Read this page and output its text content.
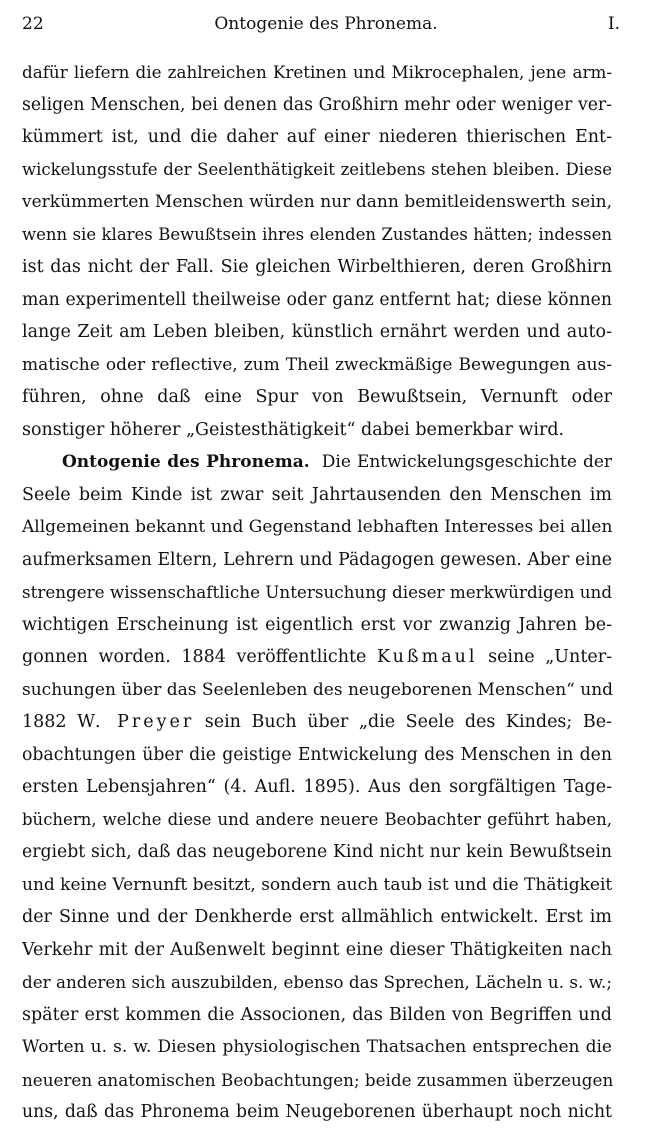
22	Ontogenie des Phronema.	I.
dafür liefern die zahlreichen Kretinen und Mikrocephalen, jene arm-
seligen Menschen, bei denen das Großhirn mehr oder weniger ver-
kümmert ist, und die daher auf einer niederen thierischen Ent-
wickelungsstufe der Seelenthätigkeit zeitlebens stehen bleiben. Diese
verkümmerten Menschen würden nur dann bemitleidenswerth sein,
wenn sie klares Bewußtsein ihres elenden Zustandes hätten; indessen
ist das nicht der Fall. Sie gleichen Wirbelthieren, deren Großhirn
man experimentell theilweise oder ganz entfernt hat; diese können
lange Zeit am Leben bleiben, künstlich ernährt werden und auto-
matische oder reflective, zum Theil zweckmäßige Bewegungen aus-
führen, ohne daß eine Spur von Bewußtsein, Vernunft oder
sonstiger höherer „Geistesthätigkeit“ dabei bemerkbar wird.
Ontogenie des Phronema. Die Entwickelungsgeschichte der
Seele beim Kinde ist zwar seit Jahrtausenden den Menschen im
Allgemeinen bekannt und Gegenstand lebhaften Interesses bei allen
aufmerksamen Eltern, Lehrern und Pädagogen gewesen. Aber eine
strengere wissenschaftliche Untersuchung dieser merkwürdigen und
wichtigen Erscheinung ist eigentlich erst vor zwanzig Jahren be-
gonnen worden. 1884 veröffentlichte Kußmaul seine „Unter-
suchungen über das Seelenleben des neugeborenen Menschen“ und
1882 W. Preyer sein Buch über „die Seele des Kindes; Be-
obachtungen über die geistige Entwickelung des Menschen in den
ersten Lebensjahren“ (4. Aufl. 1895). Aus den sorgfältigen Tage-
büchern, welche diese und andere neuere Beobachter geführt haben,
ergiebt sich, daß das neugeborene Kind nicht nur kein Bewußtsein
und keine Vernunft besitzt, sondern auch taub ist und die Thätigkeit
der Sinne und der Denkherde erst allmählich entwickelt. Erst im
Verkehr mit der Außenwelt beginnt eine dieser Thätigkeiten nach
der anderen sich auszubilden, ebenso das Sprechen, Lächeln u. s. w.;
später erst kommen die Associonen, das Bilden von Begriffen und
Worten u. s. w. Diesen physiologischen Thatsachen entsprechen die
neueren anatomischen Beobachtungen; beide zusammen überzeugen
uns, daß das Phronema beim Neugeborenen überhaupt noch nicht
